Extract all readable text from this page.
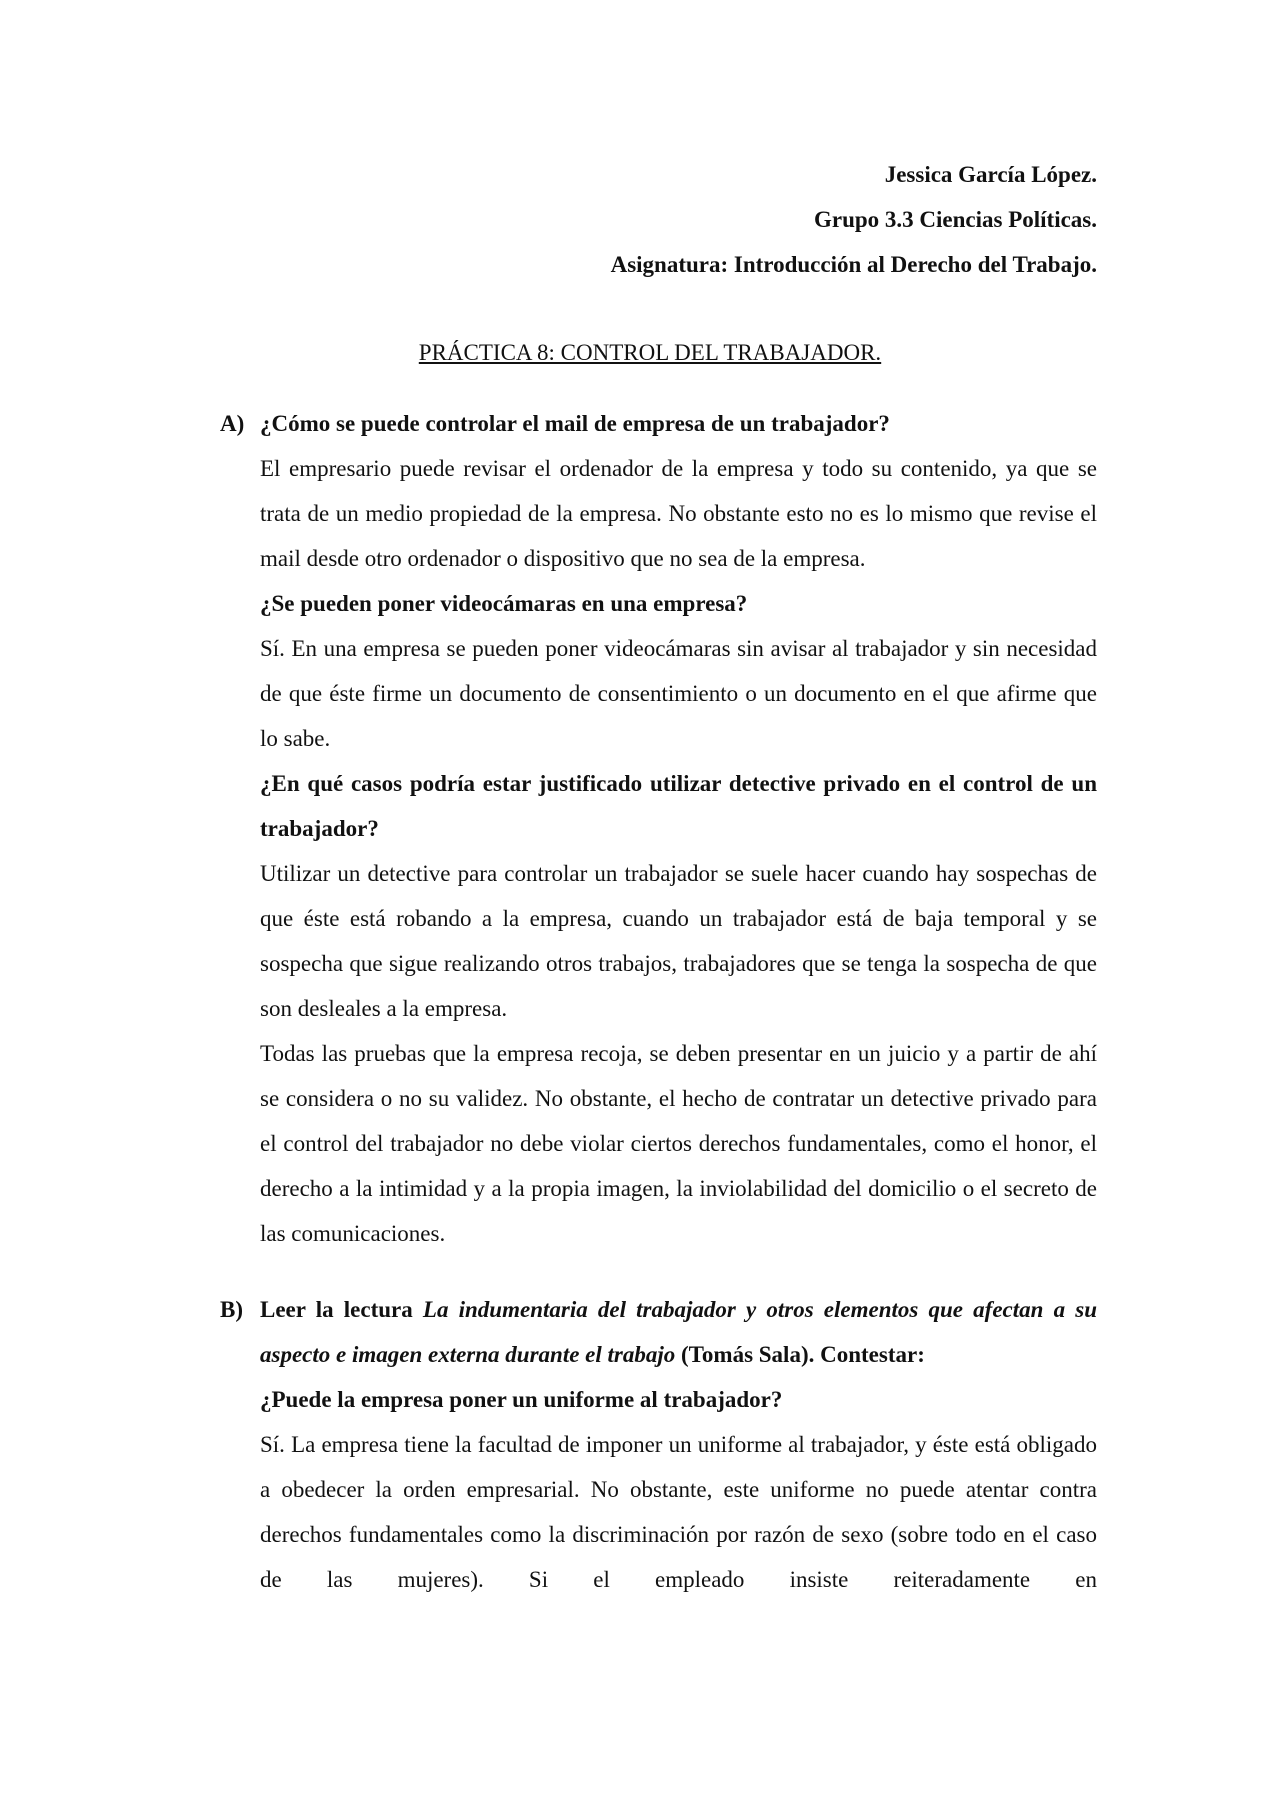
Jessica García López.
Grupo 3.3 Ciencias Políticas.
Asignatura: Introducción al Derecho del Trabajo.
PRÁCTICA 8: CONTROL DEL TRABAJADOR.
A) ¿Cómo se puede controlar el mail de empresa de un trabajador?

El empresario puede revisar el ordenador de la empresa y todo su contenido, ya que se trata de un medio propiedad de la empresa. No obstante esto no es lo mismo que revise el mail desde otro ordenador o dispositivo que no sea de la empresa.

¿Se pueden poner videocámaras en una empresa?

Sí. En una empresa se pueden poner videocámaras sin avisar al trabajador y sin necesidad de que éste firme un documento de consentimiento o un documento en el que afirme que lo sabe.

¿En qué casos podría estar justificado utilizar detective privado en el control de un trabajador?

Utilizar un detective para controlar un trabajador se suele hacer cuando hay sospechas de que éste está robando a la empresa, cuando un trabajador está de baja temporal y se sospecha que sigue realizando otros trabajos, trabajadores que se tenga la sospecha de que son desleales a la empresa.

Todas las pruebas que la empresa recoja, se deben presentar en un juicio y a partir de ahí se considera o no su validez. No obstante, el hecho de contratar un detective privado para el control del trabajador no debe violar ciertos derechos fundamentales, como el honor, el derecho a la intimidad y a la propia imagen, la inviolabilidad del domicilio o el secreto de las comunicaciones.

B) Leer la lectura La indumentaria del trabajador y otros elementos que afectan a su aspecto e imagen externa durante el trabajo (Tomás Sala). Contestar:

¿Puede la empresa poner un uniforme al trabajador?

Sí. La empresa tiene la facultad de imponer un uniforme al trabajador, y éste está obligado a obedecer la orden empresarial. No obstante, este uniforme no puede atentar contra derechos fundamentales como la discriminación por razón de sexo (sobre todo en el caso de las mujeres). Si el empleado insiste reiteradamente en
